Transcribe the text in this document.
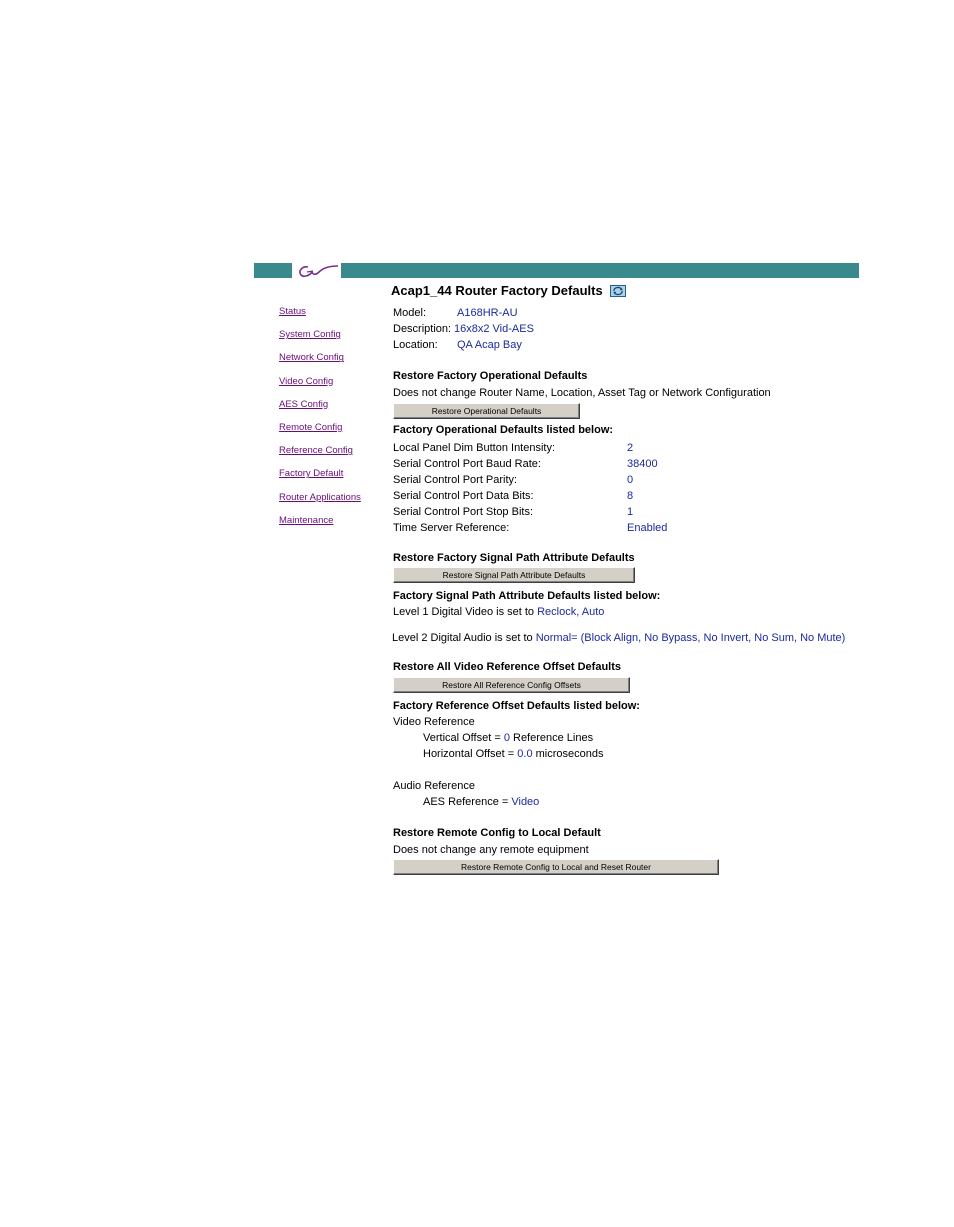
Status
System Config
Network Config
Video Config
AES Config
Remote Config
Reference Config
Factory Default
Router Applications
Maintenance
Acap1_44 Router Factory Defaults
Model:	A168HR-AU
Description: 16x8x2 Vid-AES
Location: QA Acap Bay
Restore Factory Operational Defaults
Does not change Router Name, Location, Asset Tag or Network Configuration
Restore Operational Defaults
Factory Operational Defaults listed below:
Local Panel Dim Button Intensity:	2
Serial Control Port Baud Rate:	38400
Serial Control Port Parity:	0
Serial Control Port Data Bits:	8
Serial Control Port Stop Bits:	1
Time Server Reference:	Enabled
Restore Factory Signal Path Attribute Defaults
Restore Signal Path Attribute Defaults
Factory Signal Path Attribute Defaults listed below:
Level 1 Digital Video is set to Reclock, Auto
Level 2 Digital Audio is set to Normal= (Block Align, No Bypass, No Invert, No Sum, No Mute)
Restore All Video Reference Offset Defaults
Restore All Reference Config Offsets
Factory Reference Offset Defaults listed below:
Video Reference
Vertical Offset = 0 Reference Lines
Horizontal Offset = 0.0 microseconds
Audio Reference
AES Reference = Video
Restore Remote Config to Local Default
Does not change any remote equipment
Restore Remote Config to Local and Reset Router
